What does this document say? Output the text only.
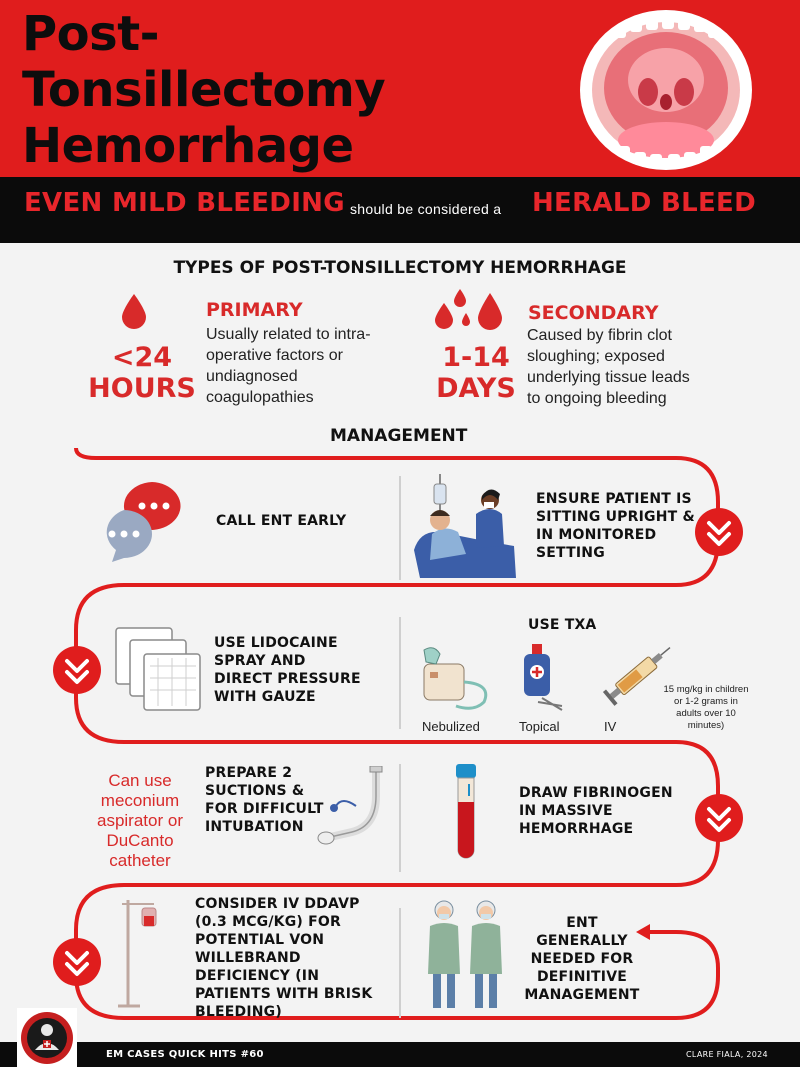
Post-
Tonsillectomy
Hemorrhage
EVEN MILD BLEEDING should be considered a HERALD BLEED
TYPES OF POST-TONSILLECTOMY HEMORRHAGE
<24
HOURS
PRIMARY
Usually related to intra-
operative factors or
undiagnosed
coagulopathies
1-14
DAYS
SECONDARY
Caused by fibrin clot
sloughing; exposed
underlying tissue leads
to ongoing bleeding
MANAGEMENT
CALL ENT EARLY
ENSURE PATIENT IS
SITTING UPRIGHT &
IN MONITORED
SETTING
USE LIDOCAINE
SPRAY AND
DIRECT PRESSURE
WITH GAUZE
USE TXA
Nebulized	Topical	IV
15 mg/kg in children
or 1-2 grams in
adults over 10
minutes)
Can use
meconium
aspirator or
DuCanto
catheter
PREPARE 2
SUCTIONS &
FOR DIFFICULT
INTUBATION
DRAW FIBRINOGEN
IN MASSIVE
HEMORRHAGE
CONSIDER IV DDAVP
(0.3 MCG/KG) FOR
POTENTIAL VON
WILLEBRAND
DEFICIENCY (IN
PATIENTS WITH BRISK
BLEEDING)
ENT
GENERALLY
NEEDED FOR
DEFINITIVE
MANAGEMENT
EM CASES QUICK HITS #60	CLARE FIALA, 2024
